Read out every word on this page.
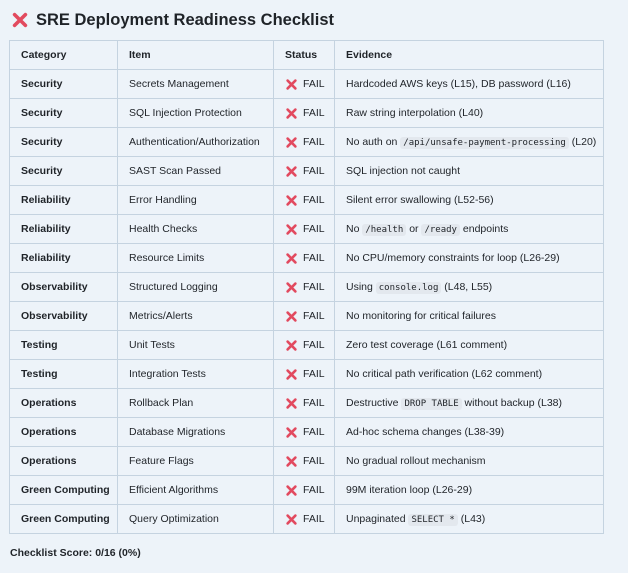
SRE Deployment Readiness Checklist
Category	Item	Status	Evidence
Security	Secrets Management	FAIL	Hardcoded AWS keys (L15), DB password (L16)
Security	SQL Injection Protection	FAIL	Raw string interpolation (L40)
Security	Authentication/Authorization	FAIL	No auth on /api/unsafe-payment-processing (L20)
Security	SAST Scan Passed	FAIL	SQL injection not caught
Reliability	Error Handling	FAIL	Silent error swallowing (L52-56)
Reliability	Health Checks	FAIL	No /health or /ready endpoints
Reliability	Resource Limits	FAIL	No CPU/memory constraints for loop (L26-29)
Observability	Structured Logging	FAIL	Using console.log (L48, L55)
Observability	Metrics/Alerts	FAIL	No monitoring for critical failures
Testing	Unit Tests	FAIL	Zero test coverage (L61 comment)
Testing	Integration Tests	FAIL	No critical path verification (L62 comment)
Operations	Rollback Plan	FAIL	Destructive DROP TABLE without backup (L38)
Operations	Database Migrations	FAIL	Ad-hoc schema changes (L38-39)
Operations	Feature Flags	FAIL	No gradual rollout mechanism
Green Computing	Efficient Algorithms	FAIL	99M iteration loop (L26-29)
Green Computing	Query Optimization	FAIL	Unpaginated SELECT * (L43)
Checklist Score: 0/16 (0%)
